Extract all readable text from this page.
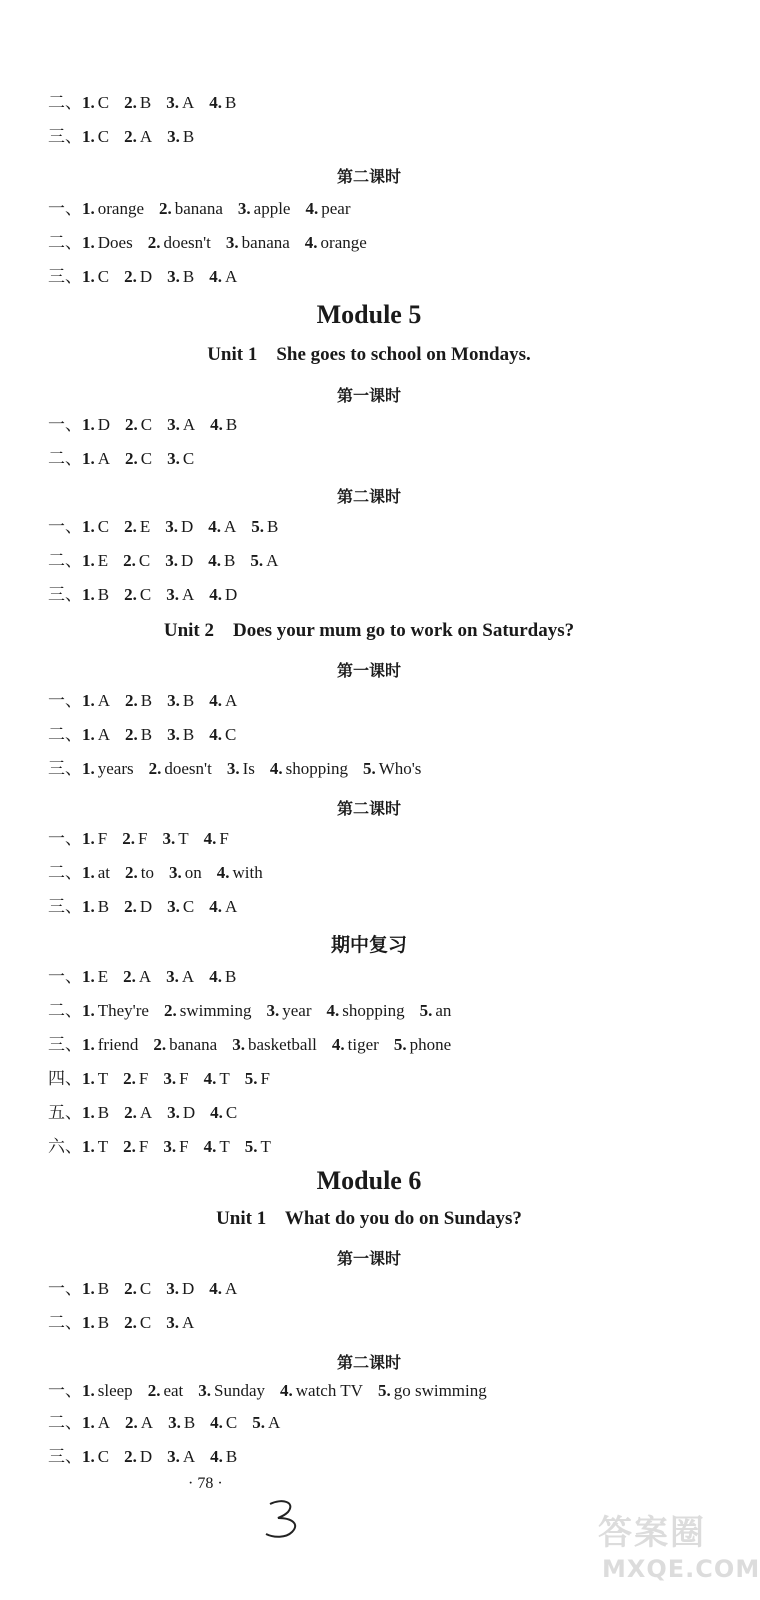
二、1. C 2. B 3. A 4. B
三、1. C 2. A 3. B
第二课时
一、1. orange 2. banana 3. apple 4. pear
二、1. Does 2. doesn't 3. banana 4. orange
三、1. C 2. D 3. B 4. A
Module 5
Unit 1    She goes to school on Mondays.
第一课时
一、1. D 2. C 3. A 4. B
二、1. A 2. C 3. C
第二课时
一、1. C 2. E 3. D 4. A 5. B
二、1. E 2. C 3. D 4. B 5. A
三、1. B 2. C 3. A 4. D
Unit 2    Does your mum go to work on Saturdays?
第一课时
一、1. A 2. B 3. B 4. A
二、1. A 2. B 3. B 4. C
三、1. years 2. doesn't 3. Is 4. shopping 5. Who's
第二课时
一、1. F 2. F 3. T 4. F
二、1. at 2. to 3. on 4. with
三、1. B 2. D 3. C 4. A
期中复习
一、1. E 2. A 3. A 4. B
二、1. They're 2. swimming 3. year 4. shopping 5. an
三、1. friend 2. banana 3. basketball 4. tiger 5. phone
四、1. T 2. F 3. F 4. T 5. F
五、1. B 2. A 3. D 4. C
六、1. T 2. F 3. F 4. T 5. T
Module 6
Unit 1    What do you do on Sundays?
第一课时
一、1. B 2. C 3. D 4. A
二、1. B 2. C 3. A
第二课时
一、1. sleep 2. eat 3. Sunday 4. watch TV 5. go swimming
二、1. A 2. A 3. B 4. C 5. A
三、1. C 2. D 3. A 4. B
· 78 ·
答案圈
MXQE.COM
